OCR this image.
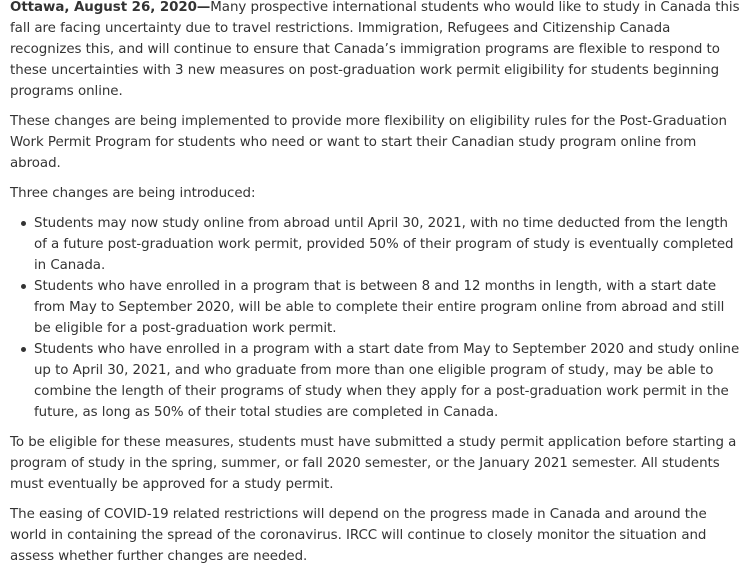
Ottawa, August 26, 2020—Many prospective international students who would like to study in Canada this fall are facing uncertainty due to travel restrictions. Immigration, Refugees and Citizenship Canada recognizes this, and will continue to ensure that Canada’s immigration programs are flexible to respond to these uncertainties with 3 new measures on post-graduation work permit eligibility for students beginning programs online.

These changes are being implemented to provide more flexibility on eligibility rules for the Post-Graduation Work Permit Program for students who need or want to start their Canadian study program online from abroad.

Three changes are being introduced:

Students may now study online from abroad until April 30, 2021, with no time deducted from the length of a future post-graduation work permit, provided 50% of their program of study is eventually completed in Canada.
Students who have enrolled in a program that is between 8 and 12 months in length, with a start date from May to September 2020, will be able to complete their entire program online from abroad and still be eligible for a post-graduation work permit.
Students who have enrolled in a program with a start date from May to September 2020 and study online up to April 30, 2021, and who graduate from more than one eligible program of study, may be able to combine the length of their programs of study when they apply for a post-graduation work permit in the future, as long as 50% of their total studies are completed in Canada.

To be eligible for these measures, students must have submitted a study permit application before starting a program of study in the spring, summer, or fall 2020 semester, or the January 2021 semester. All students must eventually be approved for a study permit.

The easing of COVID-19 related restrictions will depend on the progress made in Canada and around the world in containing the spread of the coronavirus. IRCC will continue to closely monitor the situation and assess whether further changes are needed.
